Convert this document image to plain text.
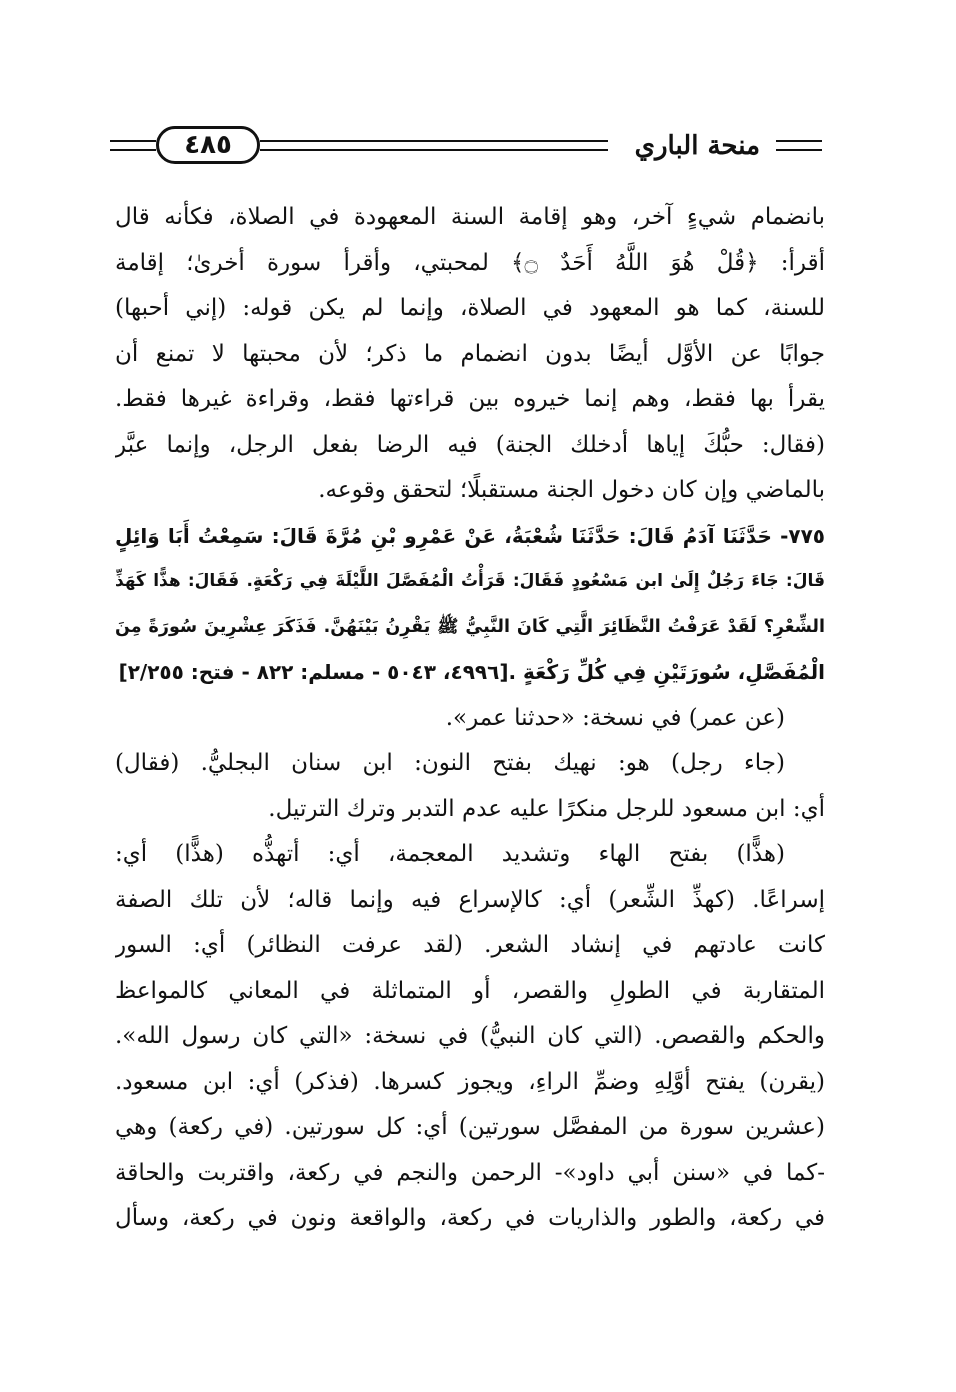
٤٨٥	منحة الباري
بانضمام شيءٍ آخر، وهو إقامة السنة المعهودة في الصلاة، فكأنه قال
أقرأ: ﴿قُلْ هُوَ اللَّهُ أَحَدٌ ۝﴾ لمحبتي، وأقرأ سورة أخرىٰ؛ إقامة
للسنة، كما هو المعهود في الصلاة، وإنما لم يكن قوله: (إني أحبها)
جوابًا عن الأوَّل أيضًا بدون انضمام ما ذكر؛ لأن محبتها لا تمنع أن
يقرأ بها فقط، وهم إنما خيروه بين قراءتها فقط، وقراءة غيرها فقط.
(فقال: حبُّكَ إياها أدخلك الجنة) فيه الرضا بفعل الرجل، وإنما عبَّر
بالماضي وإن كان دخول الجنة مستقبلًا؛ لتحقق وقوعه.
٧٧٥- حَدَّثَنَا آدَمُ قَالَ: حَدَّثَنَا شُعْبَةُ، عَنْ عَمْرِو بْنِ مُرَّةَ قَالَ: سَمِعْتُ أَبَا وَائِلٍ
قَالَ: جَاءَ رَجُلٌ إِلَىٰ ابن مَسْعُودٍ فَقَالَ: قَرَأْتُ الْمُفَصَّلَ اللَّيْلَةَ فِي رَكْعَةٍ. فَقَالَ: هذًّا كَهَذِّ
الشِّعْرِ؟ لَقَدْ عَرَفْتُ النَّظَائِرَ الَّتِي كَانَ النَّبِيُّ ﷺ يَقْرِنُ بَيْنَهُنَّ. فَذَكَرَ عِشْرِينَ سُورَةً مِنَ
الْمُفَصَّلِ، سُورَتَيْنِ فِي كُلِّ رَكْعَةٍ .[٤٩٩٦، ٥٠٤٣ - مسلم: ٨٢٢ - فتح: ٢/٢٥٥]
(عن عمر) في نسخة: «حدثنا عمر».
(جاء رجل) هو: نهيك بفتح النون: ابن سنان البجليُّ. (فقال)
أي: ابن مسعود للرجل منكرًا عليه عدم التدبر وترك الترتيل.
(هذًّا) بفتح الهاء وتشديد المعجمة، أي: أتهذُّه (هذًّا) أي:
إسراعًا. (كهذِّ الشِّعر) أي: كالإسراع فيه وإنما قاله؛ لأن تلك الصفة
كانت عادتهم في إنشاد الشعر. (لقد عرفت النظائر) أي: السور
المتقاربة في الطولِ والقصر، أو المتماثلة في المعاني كالمواعظ
والحكم والقصص. (التي كان النبيُّ) في نسخة: «التي كان رسول الله».
(يقرن) يفتح أوَّلِهِ وضمِّ الراءِ، ويجوز كسرها. (فذكر) أي: ابن مسعود.
(عشرين سورة من المفصَّل سورتين) أي: كل سورتين. (في ركعة) وهي
-كما في «سنن أبي داود»- الرحمن والنجم في ركعة، واقتربت والحاقة
في ركعة، والطور والذاريات في ركعة، والواقعة ونون في ركعة، وسأل
